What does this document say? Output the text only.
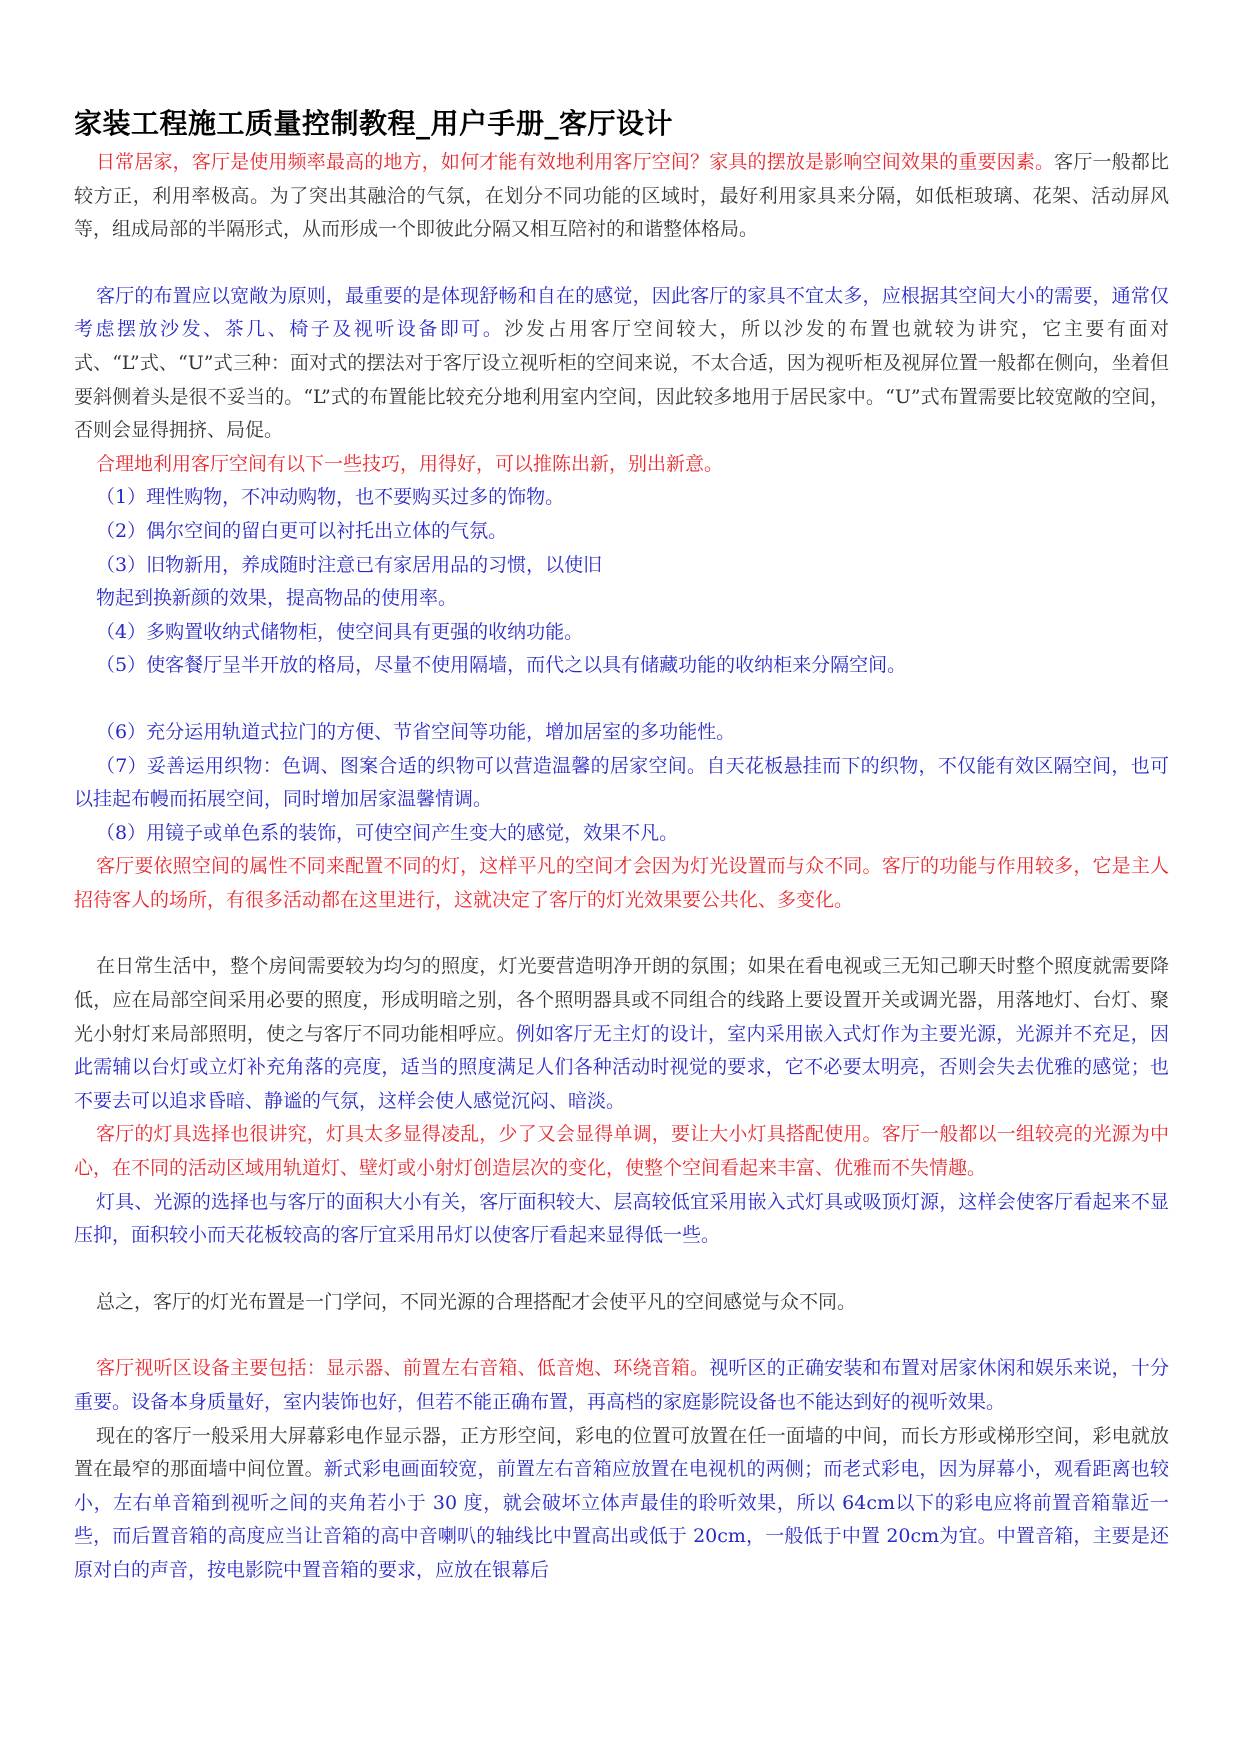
家装工程施工质量控制教程_用户手册_客厅设计

日常居家，客厅是使用频率最高的地方，如何才能有效地利用客厅空间？家具的摆放是影响空间效果的重要因素。客厅一般都比较方正，利用率极高。为了突出其融洽的气氛，在划分不同功能的区域时，最好利用家具来分隔，如低柜玻璃、花架、活动屏风等，组成局部的半隔形式，从而形成一个即彼此分隔又相互陪衬的和谐整体格局。

客厅的布置应以宽敞为原则，最重要的是体现舒畅和自在的感觉，因此客厅的家具不宜太多，应根据其空间大小的需要，通常仅考虑摆放沙发、茶几、椅子及视听设备即可。沙发占用客厅空间较大，所以沙发的布置也就较为讲究，它主要有面对式、“L”式、“U”式三种：面对式的摆法对于客厅设立视听柜的空间来说，不太合适，因为视听柜及视屏位置一般都在侧向，坐着但要斜侧着头是很不妥当的。“L”式的布置能比较充分地利用室内空间，因此较多地用于居民家中。“U”式布置需要比较宽敞的空间，否则会显得拥挤、局促。

合理地利用客厅空间有以下一些技巧，用得好，可以推陈出新，别出新意。

（1）理性购物，不冲动购物，也不要购买过多的饰物。

（2）偶尔空间的留白更可以衬托出立体的气氛。

（3）旧物新用，养成随时注意已有家居用品的习惯，以使旧

物起到换新颜的效果，提高物品的使用率。

（4）多购置收纳式储物柜，使空间具有更强的收纳功能。

（5）使客餐厅呈半开放的格局，尽量不使用隔墙，而代之以具有储藏功能的收纳柜来分隔空间。

（6）充分运用轨道式拉门的方便、节省空间等功能，增加居室的多功能性。

（7）妥善运用织物：色调、图案合适的织物可以营造温馨的居家空间。自天花板悬挂而下的织物，不仅能有效区隔空间，也可以挂起布幔而拓展空间，同时增加居家温馨情调。

（8）用镜子或单色系的装饰，可使空间产生变大的感觉，效果不凡。

客厅要依照空间的属性不同来配置不同的灯，这样平凡的空间才会因为灯光设置而与众不同。客厅的功能与作用较多，它是主人招待客人的场所，有很多活动都在这里进行，这就决定了客厅的灯光效果要公共化、多变化。

在日常生活中，整个房间需要较为均匀的照度，灯光要营造明净开朗的氛围；如果在看电视或三无知己聊天时整个照度就需要降低，应在局部空间采用必要的照度，形成明暗之别，各个照明器具或不同组合的线路上要设置开关或调光器，用落地灯、台灯、聚光小射灯来局部照明，使之与客厅不同功能相呼应。例如客厅无主灯的设计，室内采用嵌入式灯作为主要光源，光源并不充足，因此需辅以台灯或立灯补充角落的亮度，适当的照度满足人们各种活动时视觉的要求，它不必要太明亮，否则会失去优雅的感觉；也不要去可以追求昏暗、静谧的气氛，这样会使人感觉沉闷、暗淡。

客厅的灯具选择也很讲究，灯具太多显得凌乱，少了又会显得单调，要让大小灯具搭配使用。客厅一般都以一组较亮的光源为中心，在不同的活动区域用轨道灯、壁灯或小射灯创造层次的变化，使整个空间看起来丰富、优雅而不失情趣。

灯具、光源的选择也与客厅的面积大小有关，客厅面积较大、层高较低宜采用嵌入式灯具或吸顶灯源，这样会使客厅看起来不显压抑，面积较小而天花板较高的客厅宜采用吊灯以使客厅看起来显得低一些。

总之，客厅的灯光布置是一门学问，不同光源的合理搭配才会使平凡的空间感觉与众不同。

客厅视听区设备主要包括：显示器、前置左右音箱、低音炮、环绕音箱。视听区的正确安装和布置对居家休闲和娱乐来说，十分重要。设备本身质量好，室内装饰也好，但若不能正确布置，再高档的家庭影院设备也不能达到好的视听效果。

现在的客厅一般采用大屏幕彩电作显示器，正方形空间，彩电的位置可放置在任一面墙的中间，而长方形或梯形空间，彩电就放置在最窄的那面墙中间位置。新式彩电画面较宽，前置左右音箱应放置在电视机的两侧；而老式彩电，因为屏幕小，观看距离也较小，左右单音箱到视听之间的夹角若小于 30 度，就会破坏立体声最佳的聆听效果，所以 64cm以下的彩电应将前置音箱靠近一些，而后置音箱的高度应当让音箱的高中音喇叭的轴线比中置高出或低于 20cm，一般低于中置 20cm为宜。中置音箱，主要是还原对白的声音，按电影院中置音箱的要求，应放在银幕后
